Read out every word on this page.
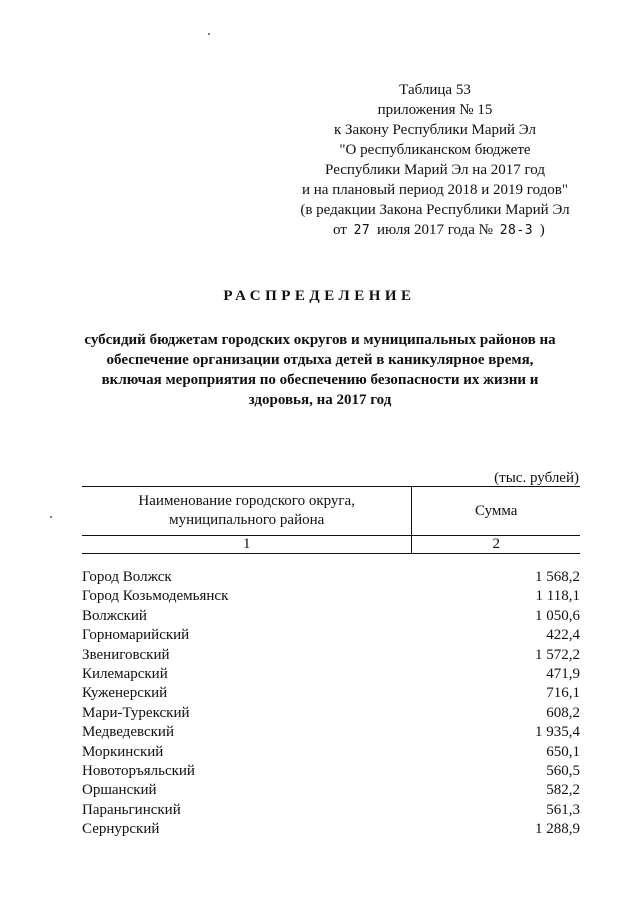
Таблица 53
приложения № 15
к Закону Республики Марий Эл
"О республиканском бюджете
Республики Марий Эл на 2017 год
и на плановый период 2018 и 2019 годов"
(в редакции Закона Республики Марий Эл
от 27 июля 2017 года № 28-З )
РАСПРЕДЕЛЕНИЕ
субсидий бюджетам городских округов и муниципальных районов на
обеспечение организации отдыха детей в каникулярное время,
включая мероприятия по обеспечению безопасности их жизни и
здоровья, на 2017 год
(тыс. рублей)
Наименование городского округа,
муниципального района	Сумма
1	2
Город Волжск	1 568,2
Город Козьмодемьянск	1 118,1
Волжский	1 050,6
Горномарийский	422,4
Звениговский	1 572,2
Килемарский	471,9
Куженерский	716,1
Мари-Турекский	608,2
Медведевский	1 935,4
Моркинский	650,1
Новоторъяльский	560,5
Оршанский	582,2
Параньгинский	561,3
Сернурский	1 288,9
